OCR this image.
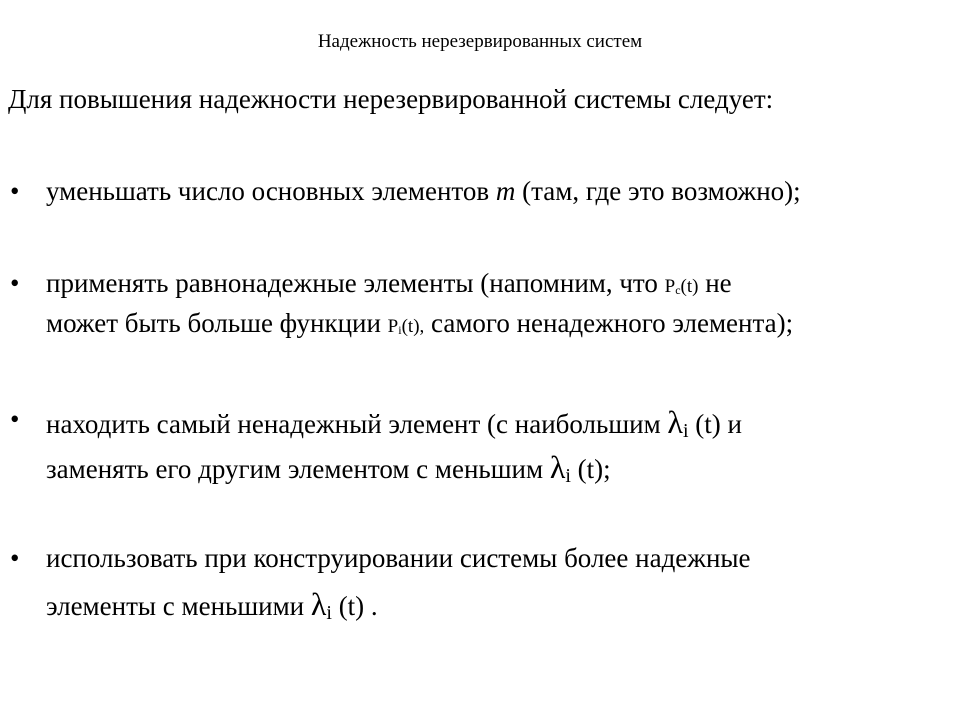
Надежность нерезервированных систем
Для повышения надежности нерезервированной системы следует:
• уменьшать число основных элементов m (там, где это возможно);
• применять равнонадежные элементы (напомним, что Pc(t) не
может быть больше функции Pi(t), самого ненадежного элемента);
• находить самый ненадежный элемент (с наибольшим λi (t) и
заменять его другим элементом с меньшим λi (t);
• использовать при конструировании системы более надежные
элементы с меньшими λi (t) .
